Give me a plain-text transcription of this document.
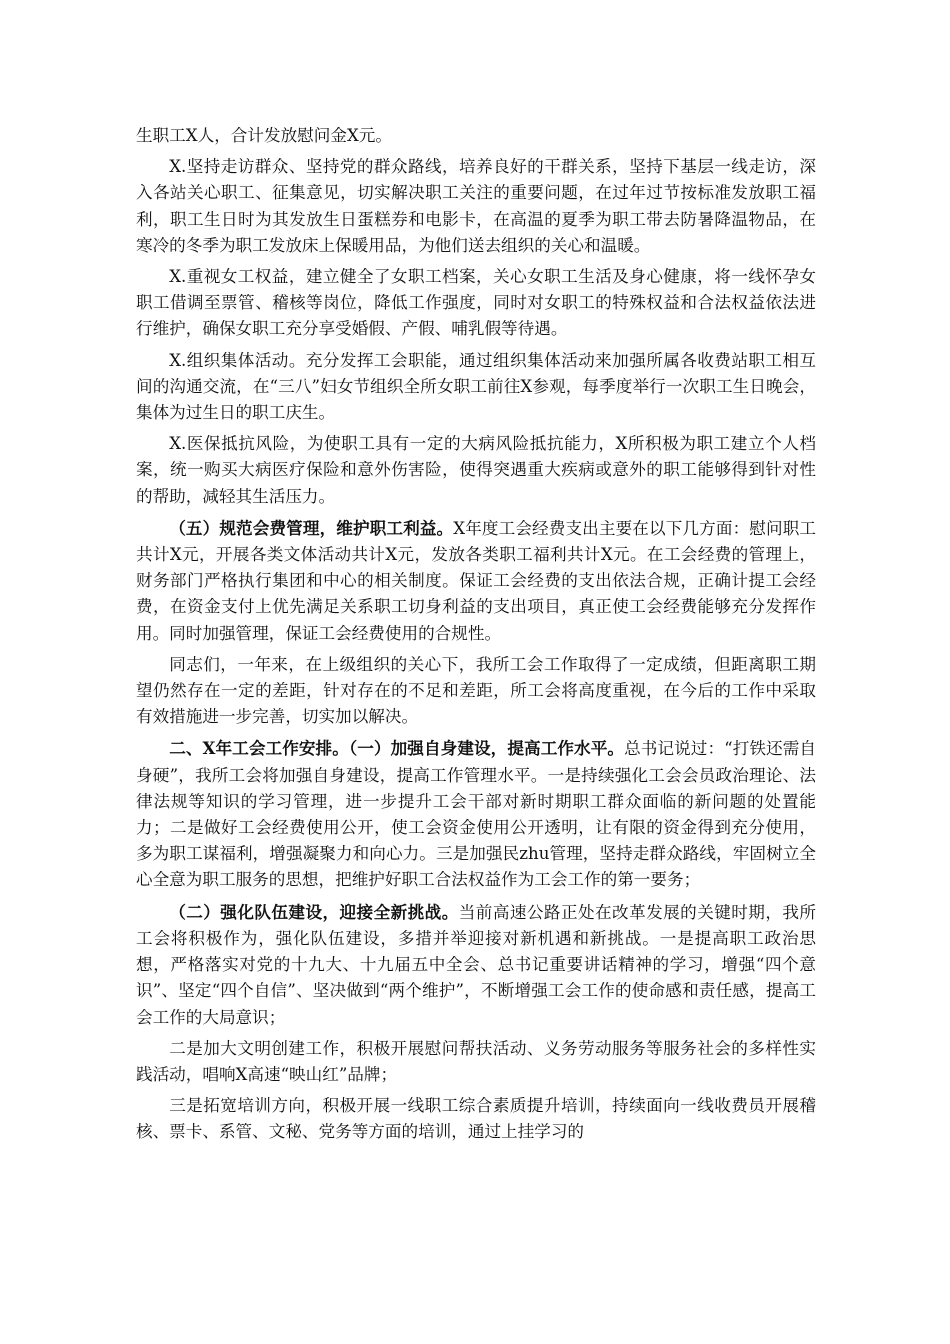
生职工X人，合计发放慰问金X元。

X.坚持走访群众、坚持党的群众路线，培养良好的干群关系，坚持下基层一线走访，深入各站关心职工、征集意见，切实解决职工关注的重要问题，在过年过节按标准发放职工福利，职工生日时为其发放生日蛋糕券和电影卡，在高温的夏季为职工带去防暑降温物品，在寒冷的冬季为职工发放床上保暖用品，为他们送去组织的关心和温暖。

X.重视女工权益，建立健全了女职工档案，关心女职工生活及身心健康，将一线怀孕女职工借调至票管、稽核等岗位，降低工作强度，同时对女职工的特殊权益和合法权益依法进行维护，确保女职工充分享受婚假、产假、哺乳假等待遇。

X.组织集体活动。充分发挥工会职能，通过组织集体活动来加强所属各收费站职工相互间的沟通交流，在“三八”妇女节组织全所女职工前往X参观，每季度举行一次职工生日晚会，集体为过生日的职工庆生。

X.医保抵抗风险，为使职工具有一定的大病风险抵抗能力，X所积极为职工建立个人档案，统一购买大病医疗保险和意外伤害险，使得突遇重大疾病或意外的职工能够得到针对性的帮助，减轻其生活压力。

（五）规范会费管理，维护职工利益。X年度工会经费支出主要在以下几方面：慰问职工共计X元，开展各类文体活动共计X元，发放各类职工福利共计X元。在工会经费的管理上，财务部门严格执行集团和中心的相关制度。保证工会经费的支出依法合规，正确计提工会经费，在资金支付上优先满足关系职工切身利益的支出项目，真正使工会经费能够充分发挥作用。同时加强管理，保证工会经费使用的合规性。

同志们，一年来，在上级组织的关心下，我所工会工作取得了一定成绩，但距离职工期望仍然存在一定的差距，针对存在的不足和差距，所工会将高度重视，在今后的工作中采取有效措施进一步完善，切实加以解决。

二、X年工会工作安排。（一）加强自身建设，提高工作水平。总书记说过：“打铁还需自身硬”，我所工会将加强自身建设，提高工作管理水平。一是持续强化工会会员政治理论、法律法规等知识的学习管理，进一步提升工会干部对新时期职工群众面临的新问题的处置能力；二是做好工会经费使用公开，使工会资金使用公开透明，让有限的资金得到充分使用，多为职工谋福利，增强凝聚力和向心力。三是加强民zhu管理，坚持走群众路线，牢固树立全心全意为职工服务的思想，把维护好职工合法权益作为工会工作的第一要务；

（二）强化队伍建设，迎接全新挑战。当前高速公路正处在改革发展的关键时期，我所工会将积极作为，强化队伍建设，多措并举迎接对新机遇和新挑战。一是提高职工政治思想，严格落实对党的十九大、十九届五中全会、总书记重要讲话精神的学习，增强“四个意识”、坚定“四个自信”、坚决做到“两个维护”，不断增强工会工作的使命感和责任感，提高工会工作的大局意识；

二是加大文明创建工作，积极开展慰问帮扶活动、义务劳动服务等服务社会的多样性实践活动，唱响X高速“映山红”品牌；

三是拓宽培训方向，积极开展一线职工综合素质提升培训，持续面向一线收费员开展稽核、票卡、系管、文秘、党务等方面的培训，通过上挂学习的
